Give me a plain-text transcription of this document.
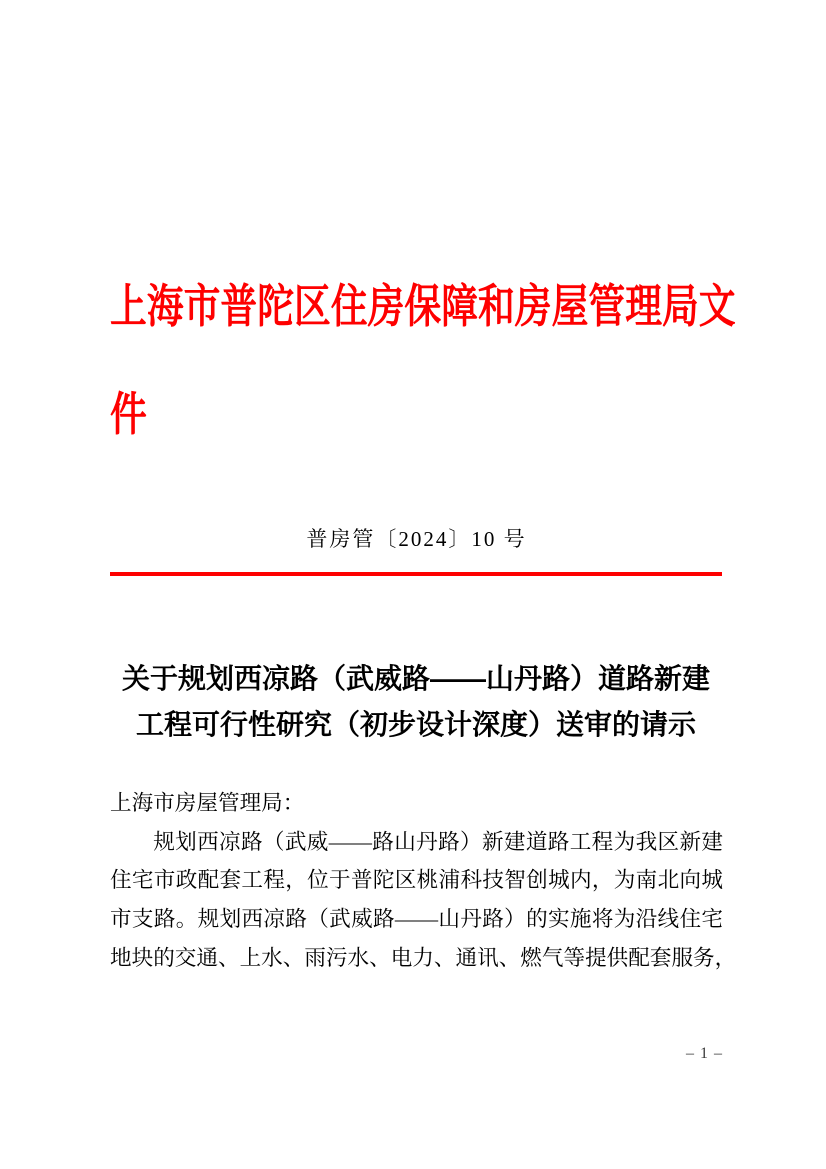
上海市普陀区住房保障和房屋管理局文件
普房管〔2024〕10 号
关于规划西凉路（武威路——山丹路）道路新建
工程可行性研究（初步设计深度）送审的请示
上海市房屋管理局：
规划西凉路（武威——路山丹路）新建道路工程为我区新建
住宅市政配套工程，位于普陀区桃浦科技智创城内，为南北向城
市支路。规划西凉路（武威路——山丹路）的实施将为沿线住宅
地块的交通、上水、雨污水、电力、通讯、燃气等提供配套服务，
– 1 –
